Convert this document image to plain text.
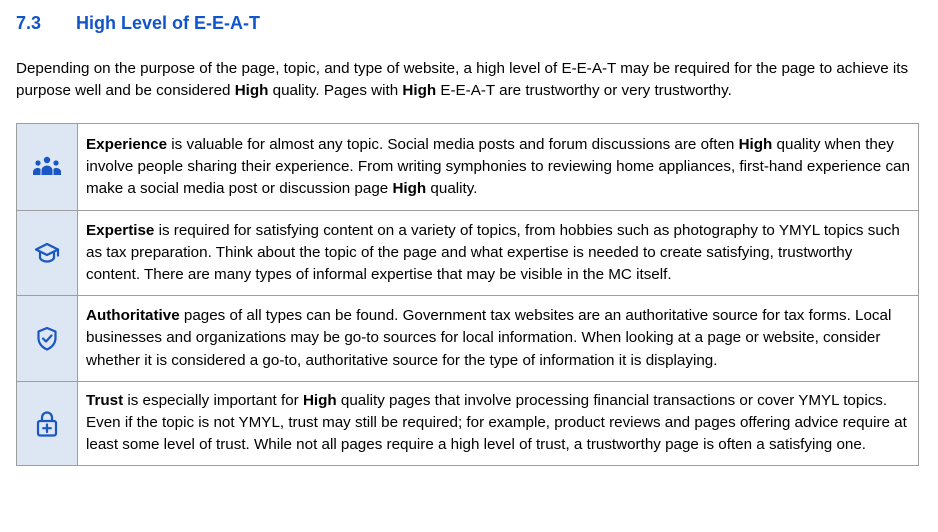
7.3	High Level of E-E-A-T
Depending on the purpose of the page, topic, and type of website, a high level of E-E-A-T may be required for the page to achieve its purpose well and be considered High quality. Pages with High E-E-A-T are trustworthy or very trustworthy.
Experience is valuable for almost any topic. Social media posts and forum discussions are often High quality when they involve people sharing their experience. From writing symphonies to reviewing home appliances, first-hand experience can make a social media post or discussion page High quality.
Expertise is required for satisfying content on a variety of topics, from hobbies such as photography to YMYL topics such as tax preparation. Think about the topic of the page and what expertise is needed to create satisfying, trustworthy content. There are many types of informal expertise that may be visible in the MC itself.
Authoritative pages of all types can be found. Government tax websites are an authoritative source for tax forms. Local businesses and organizations may be go-to sources for local information. When looking at a page or website, consider whether it is considered a go-to, authoritative source for the type of information it is displaying.
Trust is especially important for High quality pages that involve processing financial transactions or cover YMYL topics. Even if the topic is not YMYL, trust may still be required; for example, product reviews and pages offering advice require at least some level of trust. While not all pages require a high level of trust, a trustworthy page is often a satisfying one.
